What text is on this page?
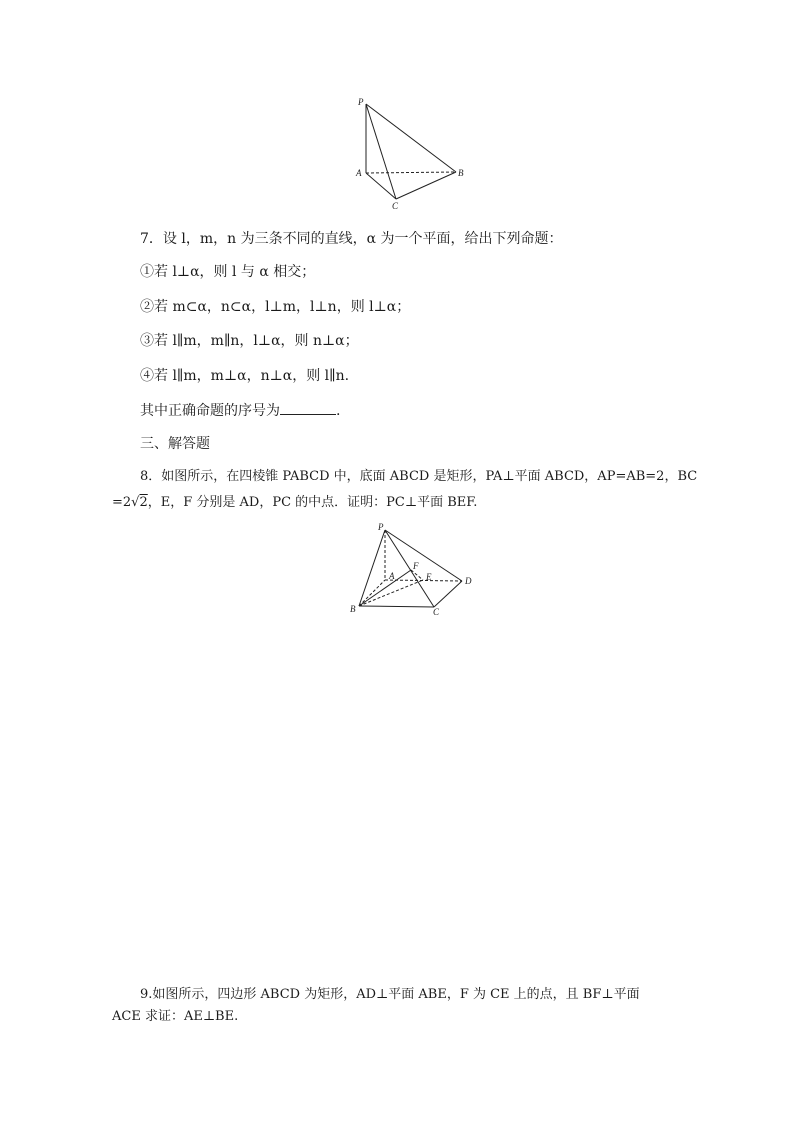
P
A	B
C
7．设 l，m，n 为三条不同的直线，α 为一个平面，给出下列命题：
①若 l⊥α，则 l 与 α 相交；
②若 m⊂α，n⊂α，l⊥m，l⊥n，则 l⊥α；
③若 l∥m，m∥n，l⊥α，则 n⊥α；
④若 l∥m，m⊥α，n⊥α，则 l∥n.
其中正确命题的序号为	.
三、解答题
8．如图所示，在四棱锥 PABCD 中，底面 ABCD 是矩形，PA⊥平面 ABCD，AP=AB=2，BC
=2√2，E，F 分别是 AD，PC 的中点．证明：PC⊥平面 BEF.
P
A
B	C
D
E
F
9.如图所示，四边形 ABCD 为矩形，AD⊥平面 ABE，F 为 CE 上的点，且 BF⊥平面
ACE 求证：AE⊥BE.
